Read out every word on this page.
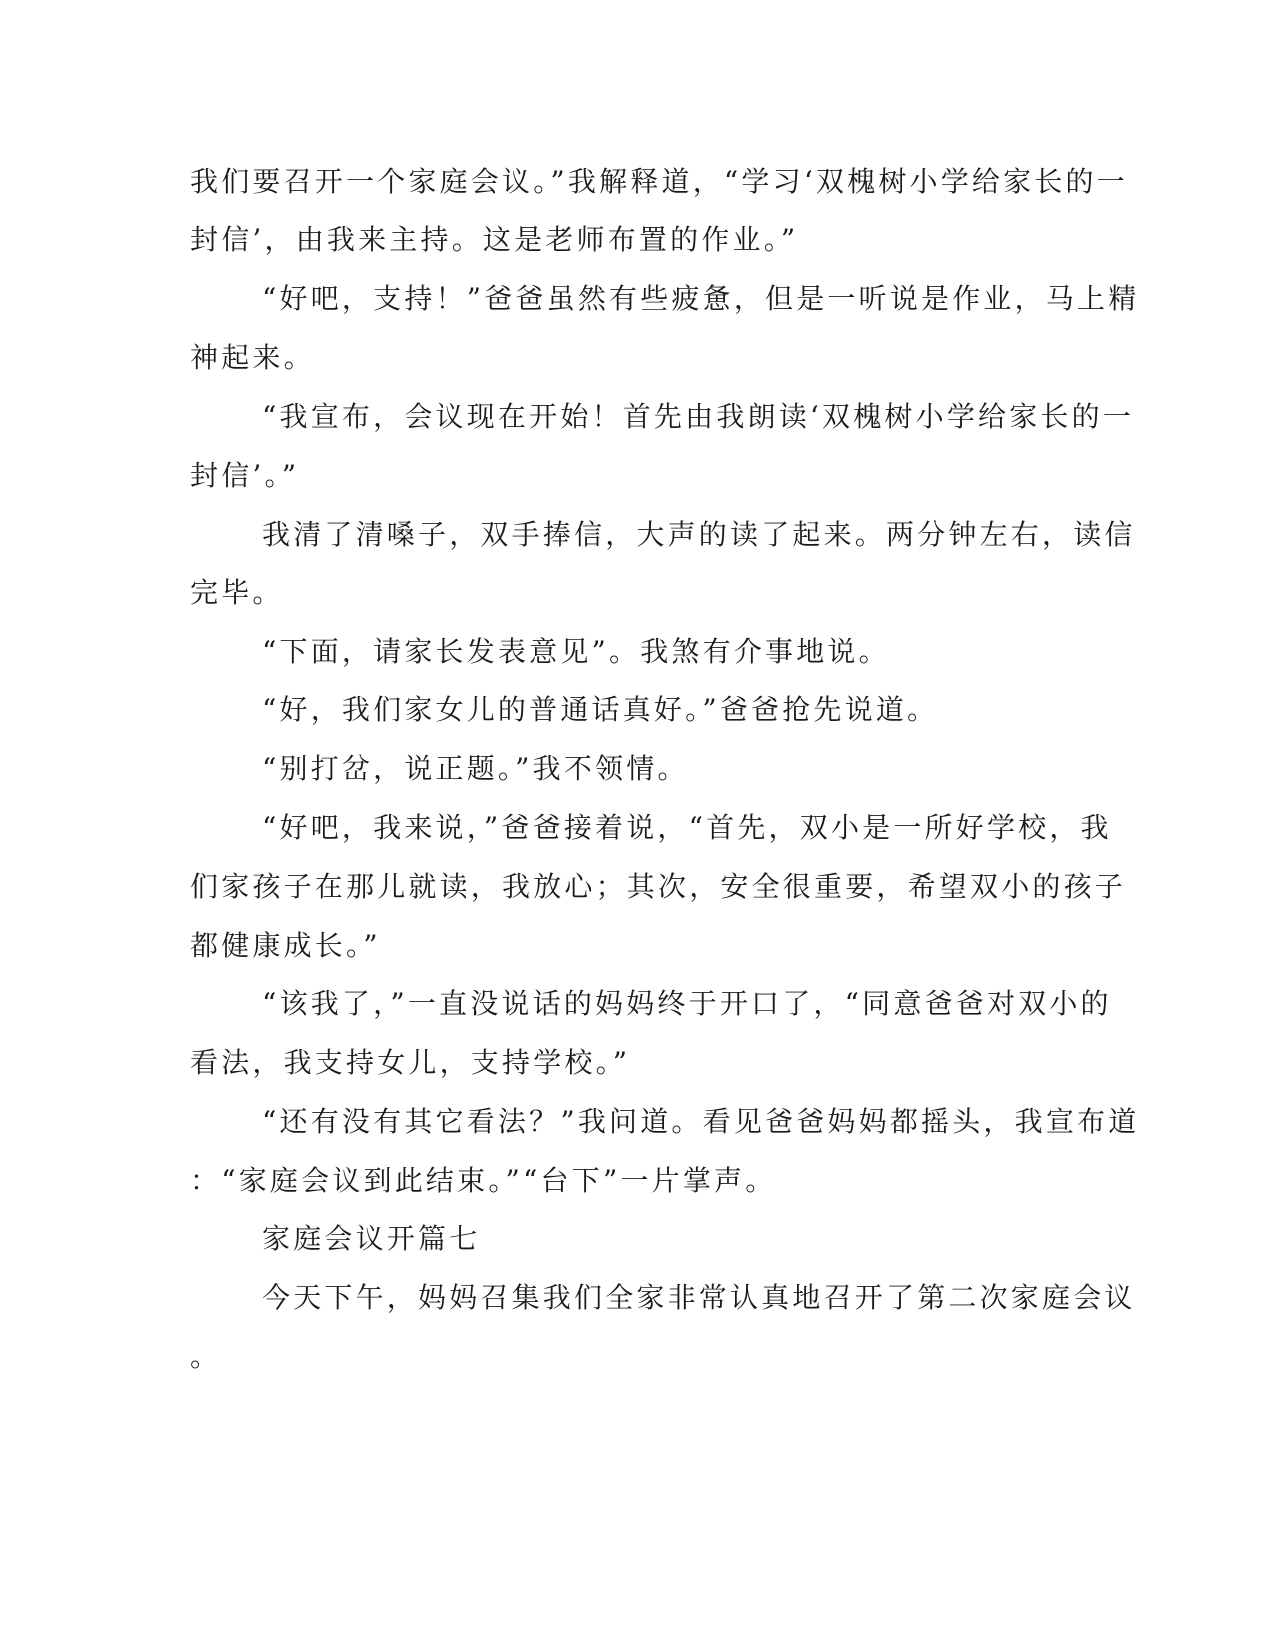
我们要召开一个家庭会议。”我解释道，“学习‘双槐树小学给家长的一
封信’，由我来主持。这是老师布置的作业。”
“好吧，支持！”爸爸虽然有些疲惫，但是一听说是作业，马上精
神起来。
“我宣布，会议现在开始！首先由我朗读‘双槐树小学给家长的一
封信’。”
我清了清嗓子，双手捧信，大声的读了起来。两分钟左右，读信
完毕。
“下面，请家长发表意见”。我煞有介事地说。
“好，我们家女儿的普通话真好。”爸爸抢先说道。
“别打岔，说正题。”我不领情。
“好吧，我来说，”爸爸接着说，“首先，双小是一所好学校，我
们家孩子在那儿就读，我放心；其次，安全很重要，希望双小的孩子
都健康成长。”
“该我了，”一直没说话的妈妈终于开口了，“同意爸爸对双小的
看法，我支持女儿，支持学校。”
“还有没有其它看法？”我问道。看见爸爸妈妈都摇头，我宣布道
：“家庭会议到此结束。”“台下”一片掌声。
家庭会议开篇七
今天下午，妈妈召集我们全家非常认真地召开了第二次家庭会议
。
